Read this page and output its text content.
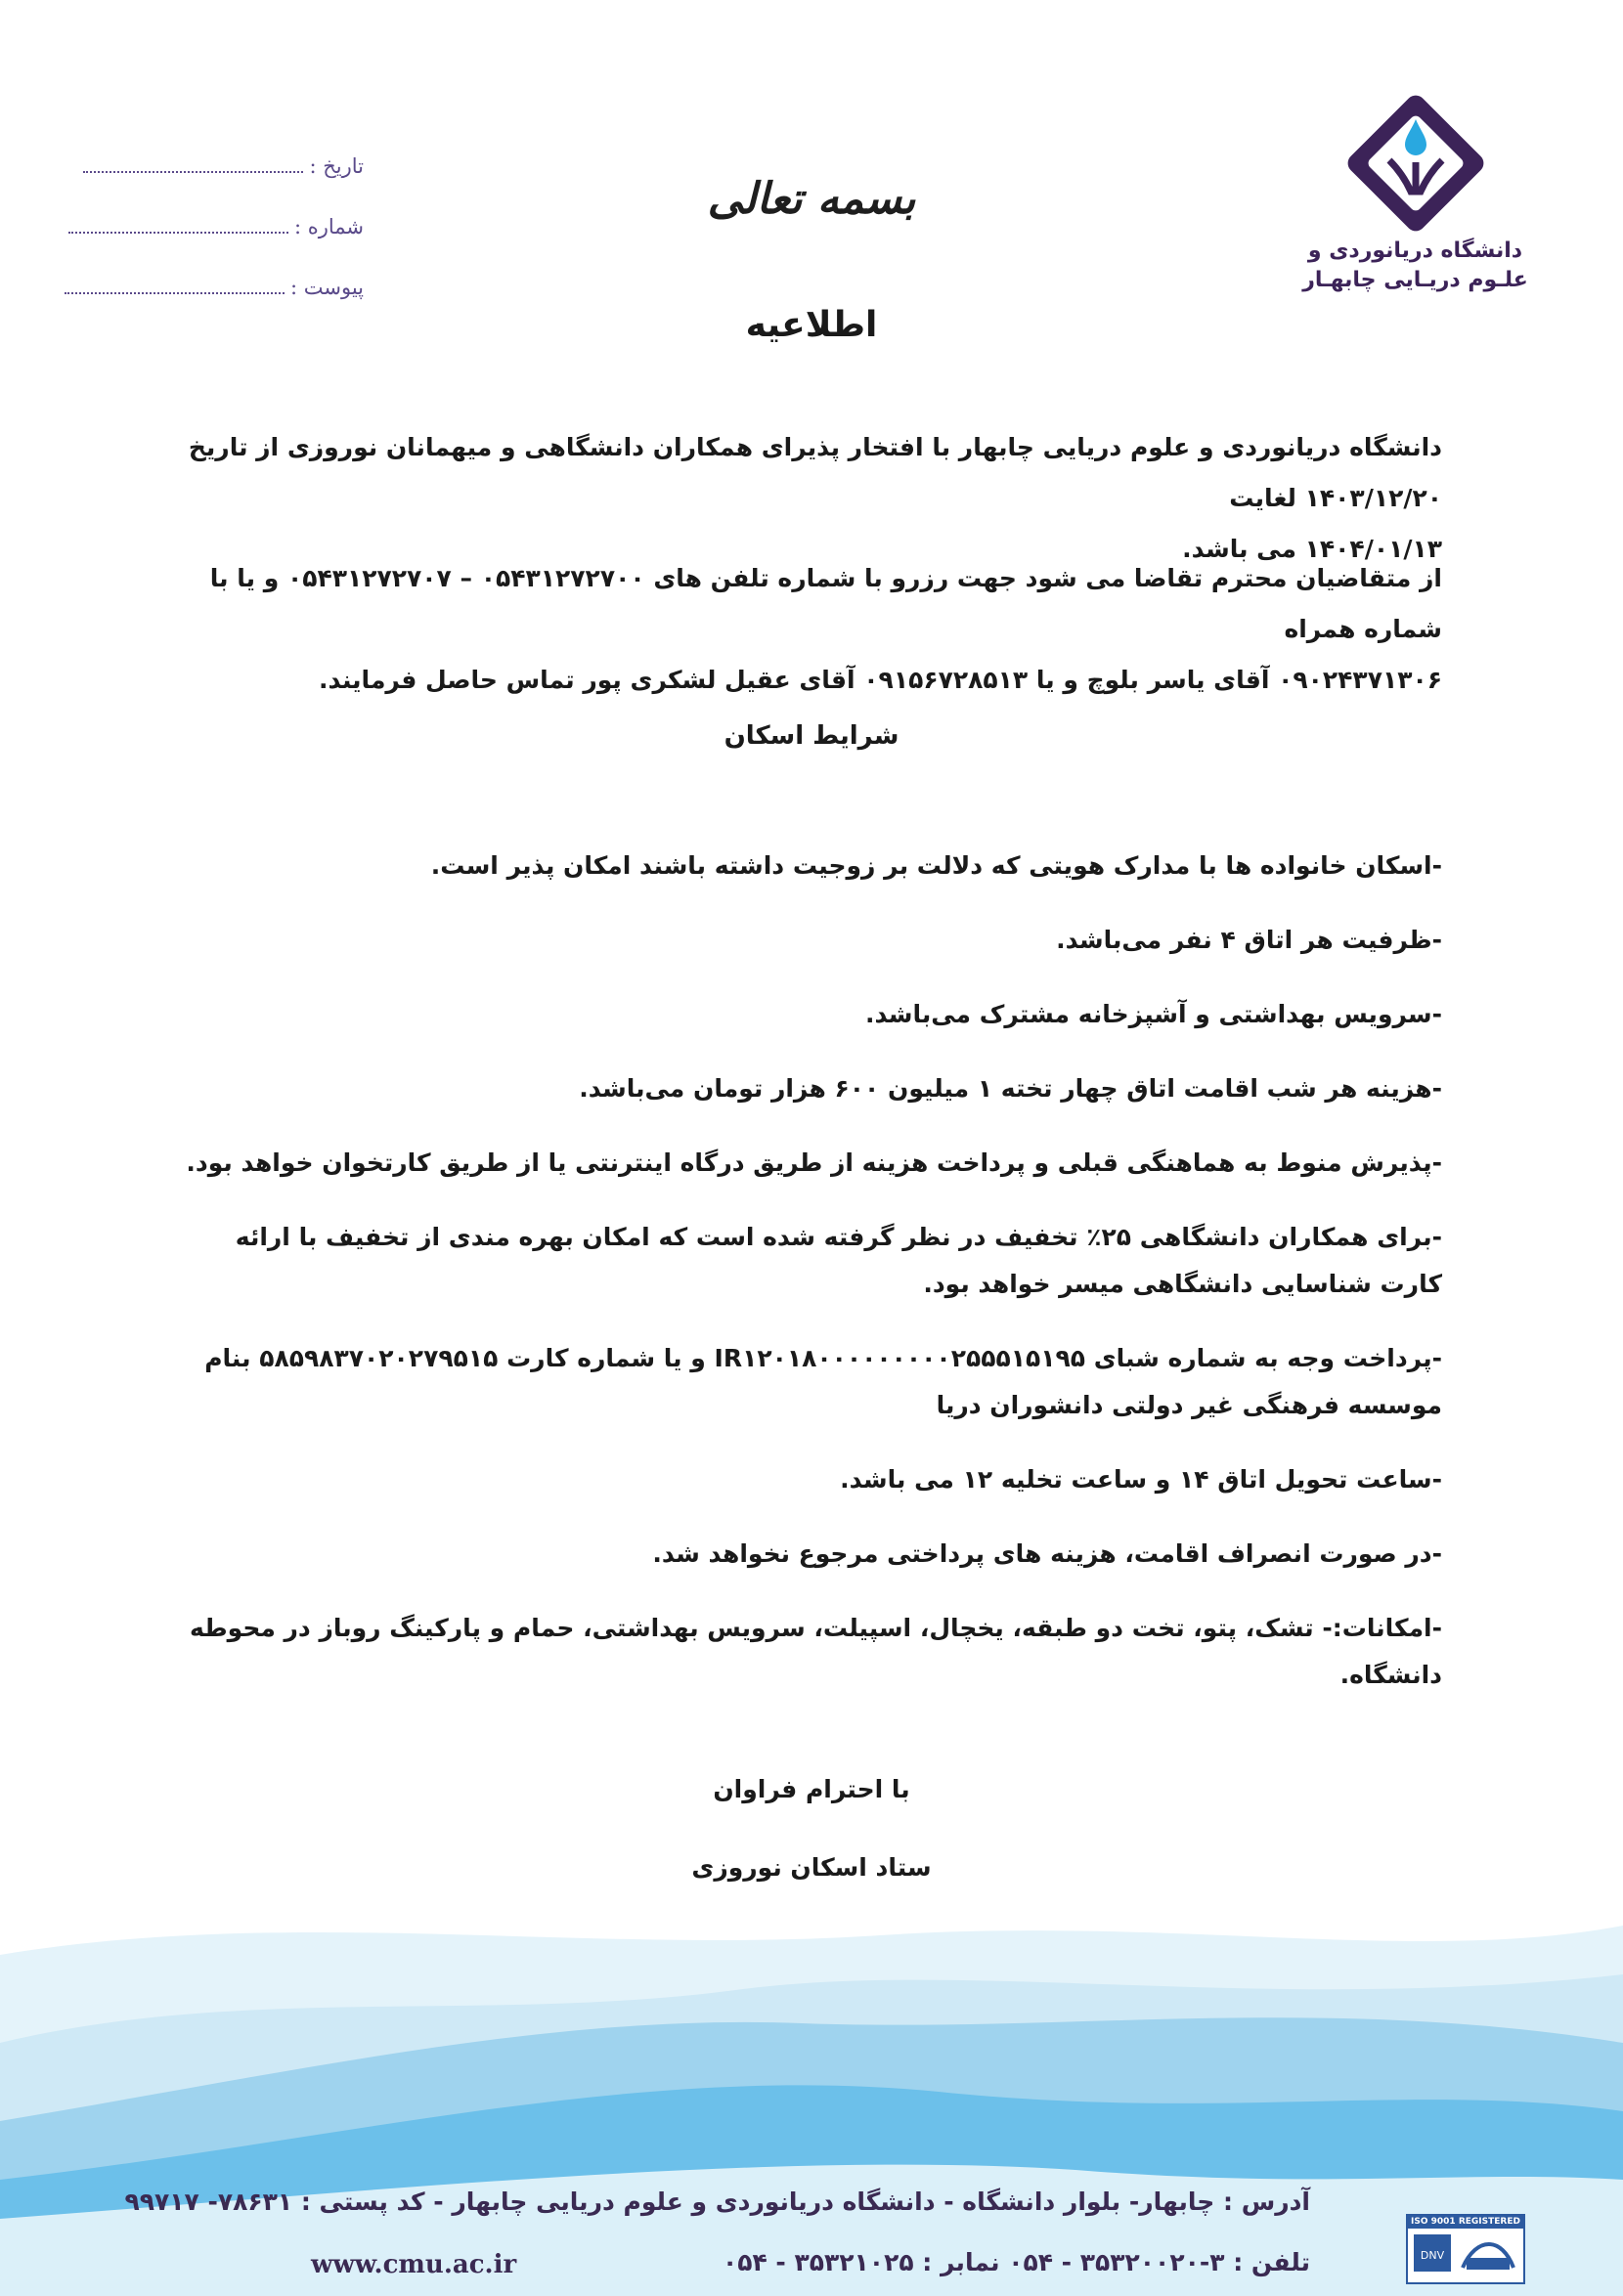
دانشگاه دریانوردی و
علـوم دریـایی چابهـار
تاریخ :
شماره :
پیوست :
بسمه تعالی
اطلاعیه

دانشگاه دریانوردی و علوم دریایی چابهار با افتخار پذیرای همکاران دانشگاهی و میهمانان نوروزی از تاریخ ۱۴۰۳/۱۲/۲۰ لغایت
۱۴۰۴/۰۱/۱۳ می باشد.

از متقاضیان محترم تقاضا می شود جهت رزرو با شماره تلفن های ۰۵۴۳۱۲۷۲۷۰۰ – ۰۵۴۳۱۲۷۲۷۰۷ و یا با شماره همراه
۰۹۰۲۴۳۷۱۳۰۶ آقای یاسر بلوچ و یا ۰۹۱۵۶۷۲۸۵۱۳ آقای عقیل لشکری پور تماس حاصل فرمایند.

شرایط اسکان
-اسکان خانواده ها با مدارک هویتی که دلالت بر زوجیت داشته باشند امکان پذیر است.
-ظرفیت هر اتاق ۴ نفر می‌باشد.
-سرویس بهداشتی و آشپزخانه مشترک می‌باشد.
-هزینه هر شب اقامت اتاق چهار تخته ۱ میلیون ۶۰۰ هزار تومان می‌باشد.
-پذیرش منوط به هماهنگی قبلی و پرداخت هزینه از طریق درگاه اینترنتی یا از طریق کارتخوان خواهد بود.
-برای همکاران دانشگاهی ۲۵٪ تخفیف در نظر گرفته شده است که امکان بهره مندی از تخفیف با ارائه کارت شناسایی دانشگاهی میسر خواهد بود.
-پرداخت وجه به شماره شبای IR۱۲۰۱۸۰۰۰۰۰۰۰۰۰۲۵۵۵۱۵۱۹۵ و یا شماره کارت ۵۸۵۹۸۳۷۰۲۰۲۷۹۵۱۵ بنام موسسه فرهنگی غیر دولتی دانشوران دریا
-ساعت تحویل اتاق ۱۴ و ساعت تخلیه ۱۲ می باشد.
-در صورت انصراف اقامت، هزینه های پرداختی مرجوع نخواهد شد.
-امکانات:- تشک، پتو، تخت دو طبقه، یخچال، اسپیلت، سرویس بهداشتی، حمام و پارکینگ روباز در محوطه دانشگاه.
با احترام فراوان
ستاد اسکان نوروزی
آدرس : چابهار- بلوار دانشگاه - دانشگاه دریانوردی و علوم دریایی چابهار - کد پستی : ۷۸۶۳۱- ۹۹۷۱۷
تلفن : ۳-۳۵۳۲۰۰۲۰ - ۰۵۴ نمابر : ۳۵۳۲۱۰۲۵ - ۰۵۴
www.cmu.ac.ir
ISO 9001 REGISTERED
DNV
